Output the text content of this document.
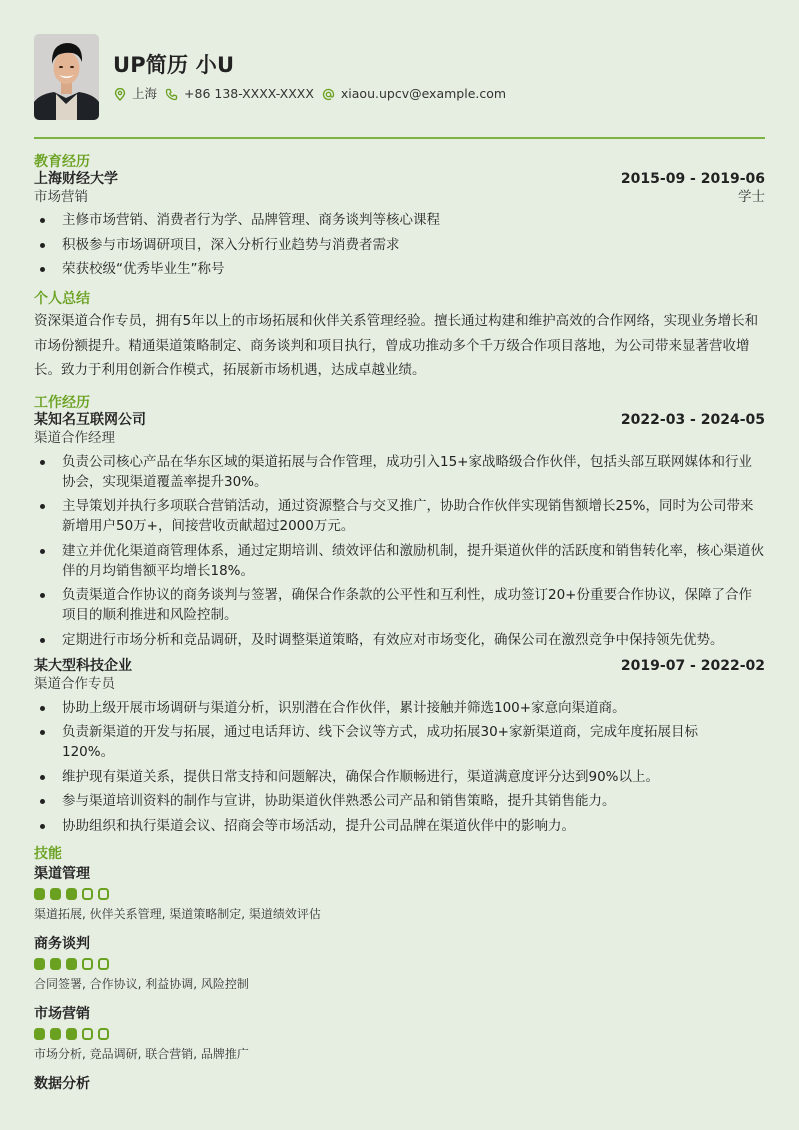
UP简历 小U
上海 +86 138-XXXX-XXXX xiaou.upcv@example.com
教育经历
上海财经大学	2015-09 - 2019-06
市场营销	学士
主修市场营销、消费者行为学、品牌管理、商务谈判等核心课程
积极参与市场调研项目，深入分析行业趋势与消费者需求
荣获校级“优秀毕业生”称号
个人总结
资深渠道合作专员，拥有5年以上的市场拓展和伙伴关系管理经验。擅长通过构建和维护高效的合作网络，实现业务增长和市场份额提升。精通渠道策略制定、商务谈判和项目执行，曾成功推动多个千万级合作项目落地，为公司带来显著营收增长。致力于利用创新合作模式，拓展新市场机遇，达成卓越业绩。
工作经历
某知名互联网公司	2022-03 - 2024-05
渠道合作经理
负责公司核心产品在华东区域的渠道拓展与合作管理，成功引入15+家战略级合作伙伴，包括头部互联网媒体和行业协会，实现渠道覆盖率提升30%。
主导策划并执行多项联合营销活动，通过资源整合与交叉推广，协助合作伙伴实现销售额增长25%，同时为公司带来新增用户50万+，间接营收贡献超过2000万元。
建立并优化渠道商管理体系，通过定期培训、绩效评估和激励机制，提升渠道伙伴的活跃度和销售转化率，核心渠道伙伴的月均销售额平均增长18%。
负责渠道合作协议的商务谈判与签署，确保合作条款的公平性和互利性，成功签订20+份重要合作协议，保障了合作项目的顺利推进和风险控制。
定期进行市场分析和竞品调研，及时调整渠道策略，有效应对市场变化，确保公司在激烈竞争中保持领先优势。
某大型科技企业	2019-07 - 2022-02
渠道合作专员
协助上级开展市场调研与渠道分析，识别潜在合作伙伴，累计接触并筛选100+家意向渠道商。
负责新渠道的开发与拓展，通过电话拜访、线下会议等方式，成功拓展30+家新渠道商，完成年度拓展目标120%。
维护现有渠道关系，提供日常支持和问题解决，确保合作顺畅进行，渠道满意度评分达到90%以上。
参与渠道培训资料的制作与宣讲，协助渠道伙伴熟悉公司产品和销售策略，提升其销售能力。
协助组织和执行渠道会议、招商会等市场活动，提升公司品牌在渠道伙伴中的影响力。
技能
渠道管理
渠道拓展, 伙伴关系管理, 渠道策略制定, 渠道绩效评估
商务谈判
合同签署, 合作协议, 利益协调, 风险控制
市场营销
市场分析, 竞品调研, 联合营销, 品牌推广
数据分析
